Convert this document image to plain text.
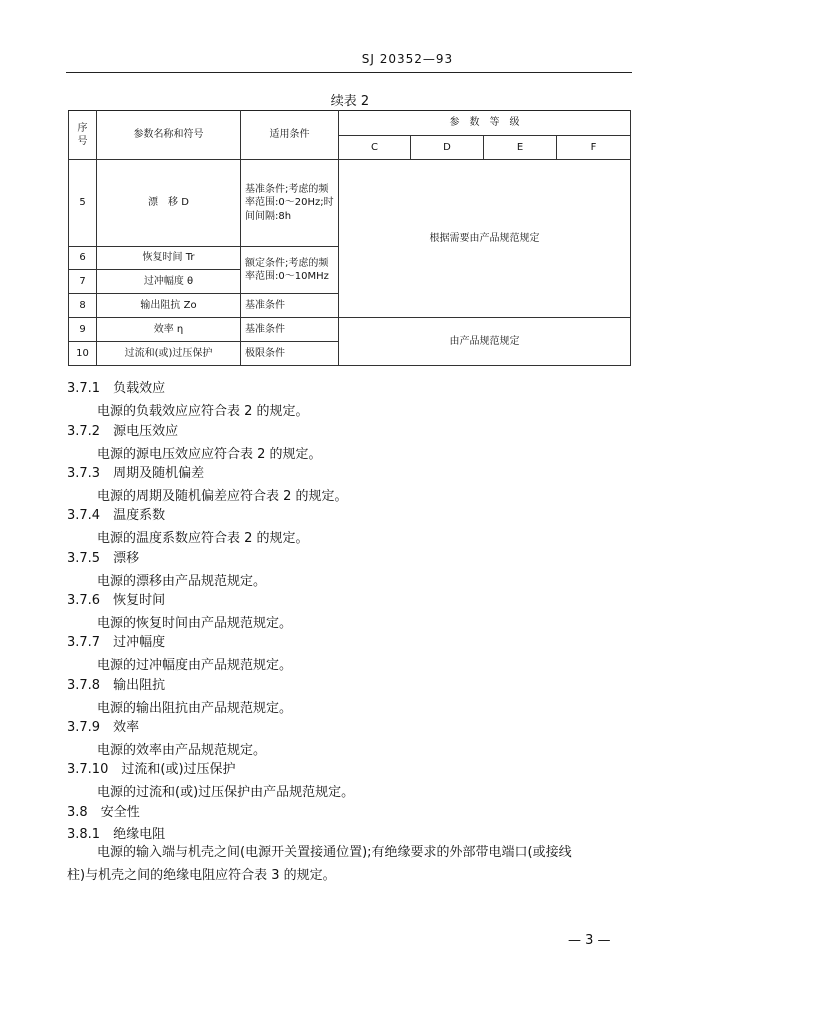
SJ 20352—93
续表 2
序号	参数名称和符号	适用条件	参　数　等　级			
			C	D	E	F
5	漂　移 D	基准条件;考虑的频率范围:0～20Hz;时间间隔:8h	根据需要由产品规范规定			
6	恢复时间 Tr	额定条件;考虑的频率范围:0～10MHz				
7	过冲幅度 θ					
8	输出阻抗 Zo	基准条件				
9	效率 η	基准条件	由产品规范规定			
10	过流和(或)过压保护	极限条件				
3.7.1　 负载效应
电源的负载效应应符合表 2 的规定。
3.7.2　 源电压效应
电源的源电压效应应符合表 2 的规定。
3.7.3　 周期及随机偏差
电源的周期及随机偏差应符合表 2 的规定。
3.7.4　 温度系数
电源的温度系数应符合表 2 的规定。
3.7.5　 漂移
电源的漂移由产品规范规定。
3.7.6　 恢复时间
电源的恢复时间由产品规范规定。
3.7.7　 过冲幅度
电源的过冲幅度由产品规范规定。
3.7.8　 输出阻抗
电源的输出阻抗由产品规范规定。
3.7.9　 效率
电源的效率由产品规范规定。
3.7.10　 过流和(或)过压保护
电源的过流和(或)过压保护由产品规范规定。
3.8　 安全性
3.8.1　 绝缘电阻
电源的输入端与机壳之间(电源开关置接通位置);有绝缘要求的外部带电端口(或接线
柱)与机壳之间的绝缘电阻应符合表 3 的规定。
— 3 —
